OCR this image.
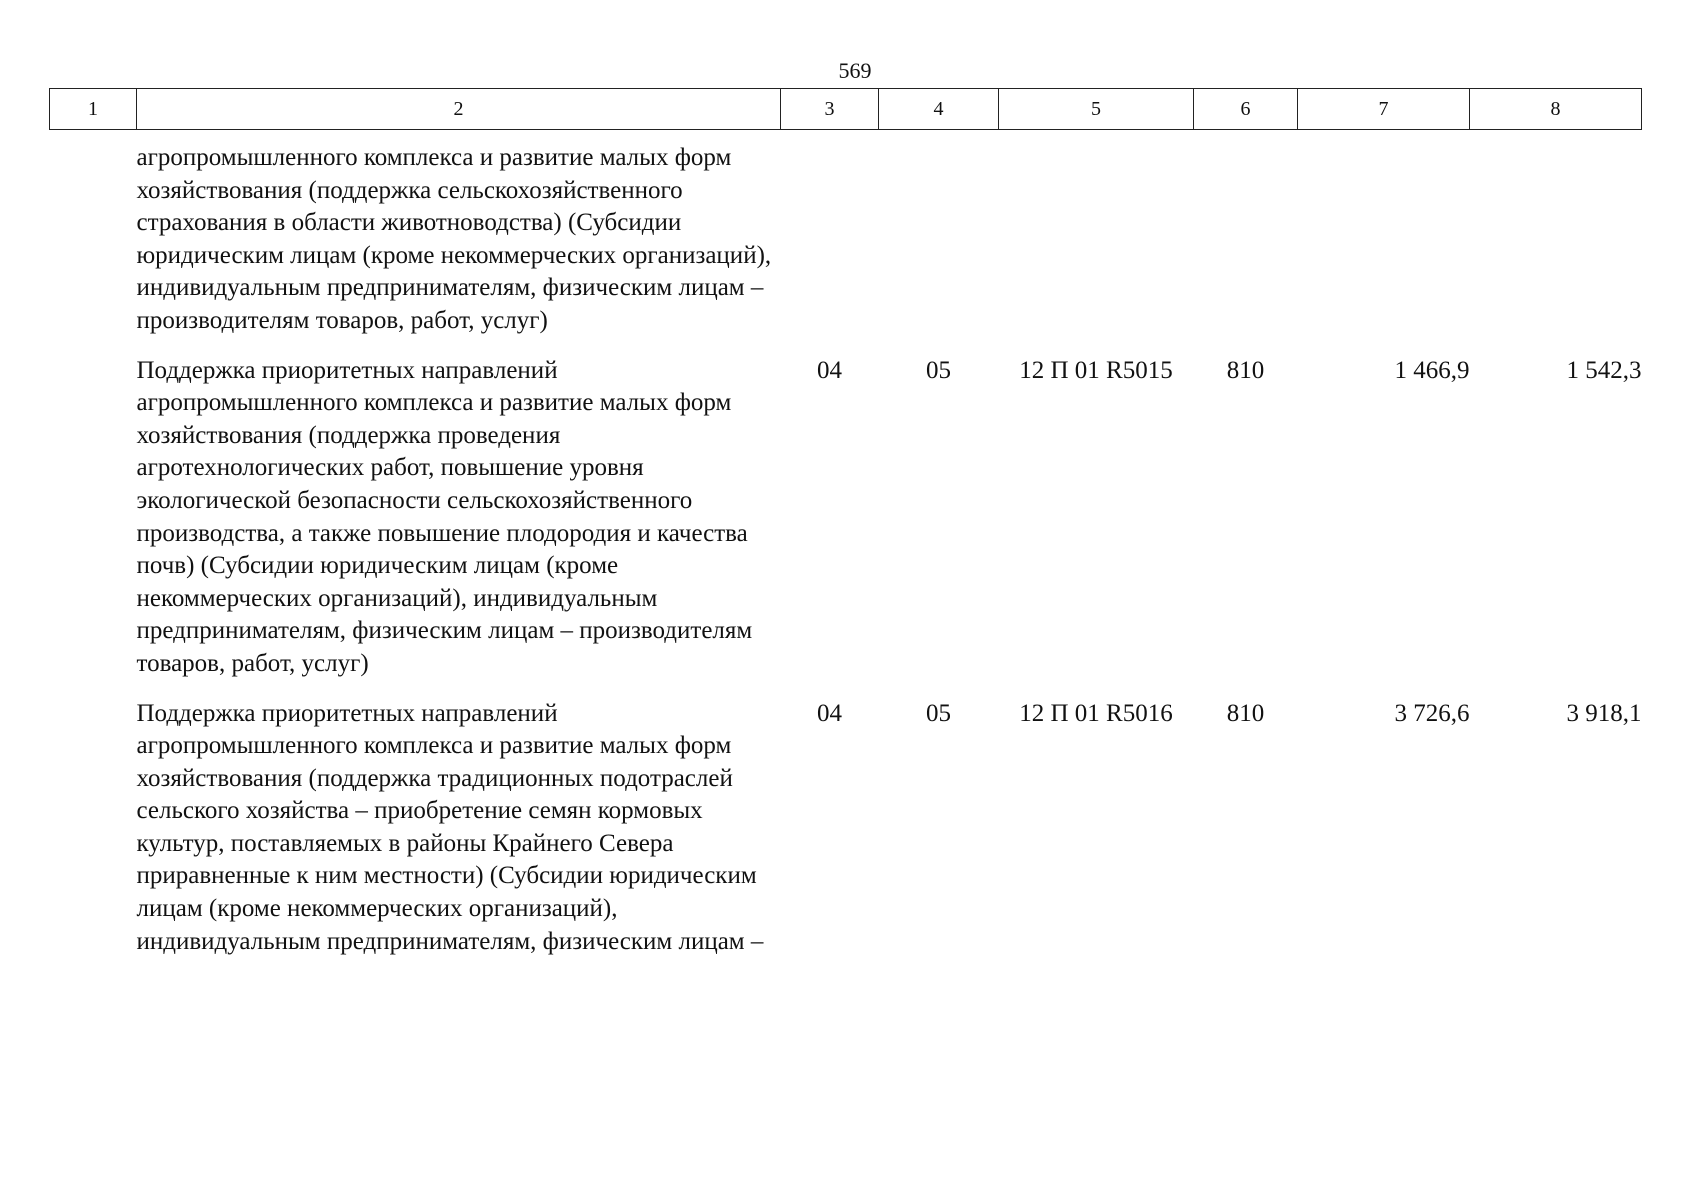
569
1	2	3	4	5	6	7	8
	агропромышленного комплекса и развитие малых форм хозяйствования (поддержка сельскохозяйственного страхования в области животноводства) (Субсидии юридическим лицам (кроме некоммерческих организаций), индивидуальным предпринимателям, физическим лицам – производителям товаров, работ, услуг)						
	Поддержка приоритетных направлений агропромышленного комплекса и развитие малых форм хозяйствования (поддержка проведения агротехнологических работ, повышение уровня экологической безопасности сельскохозяйственного производства, а также повышение плодородия и качества почв) (Субсидии юридическим лицам (кроме некоммерческих организаций), индивидуальным предпринимателям, физическим лицам – производителям товаров, работ, услуг)	04	05	12 П 01 R5015	810	1 466,9	1 542,3
	Поддержка приоритетных направлений агропромышленного комплекса и развитие малых форм хозяйствования (поддержка традиционных подотраслей сельского хозяйства – приобретение семян кормовых культур, поставляемых в районы Крайнего Севера приравненные к ним местности) (Субсидии юридическим лицам (кроме некоммерческих организаций), индивидуальным предпринимателям, физическим лицам –	04	05	12 П 01 R5016	810	3 726,6	3 918,1
